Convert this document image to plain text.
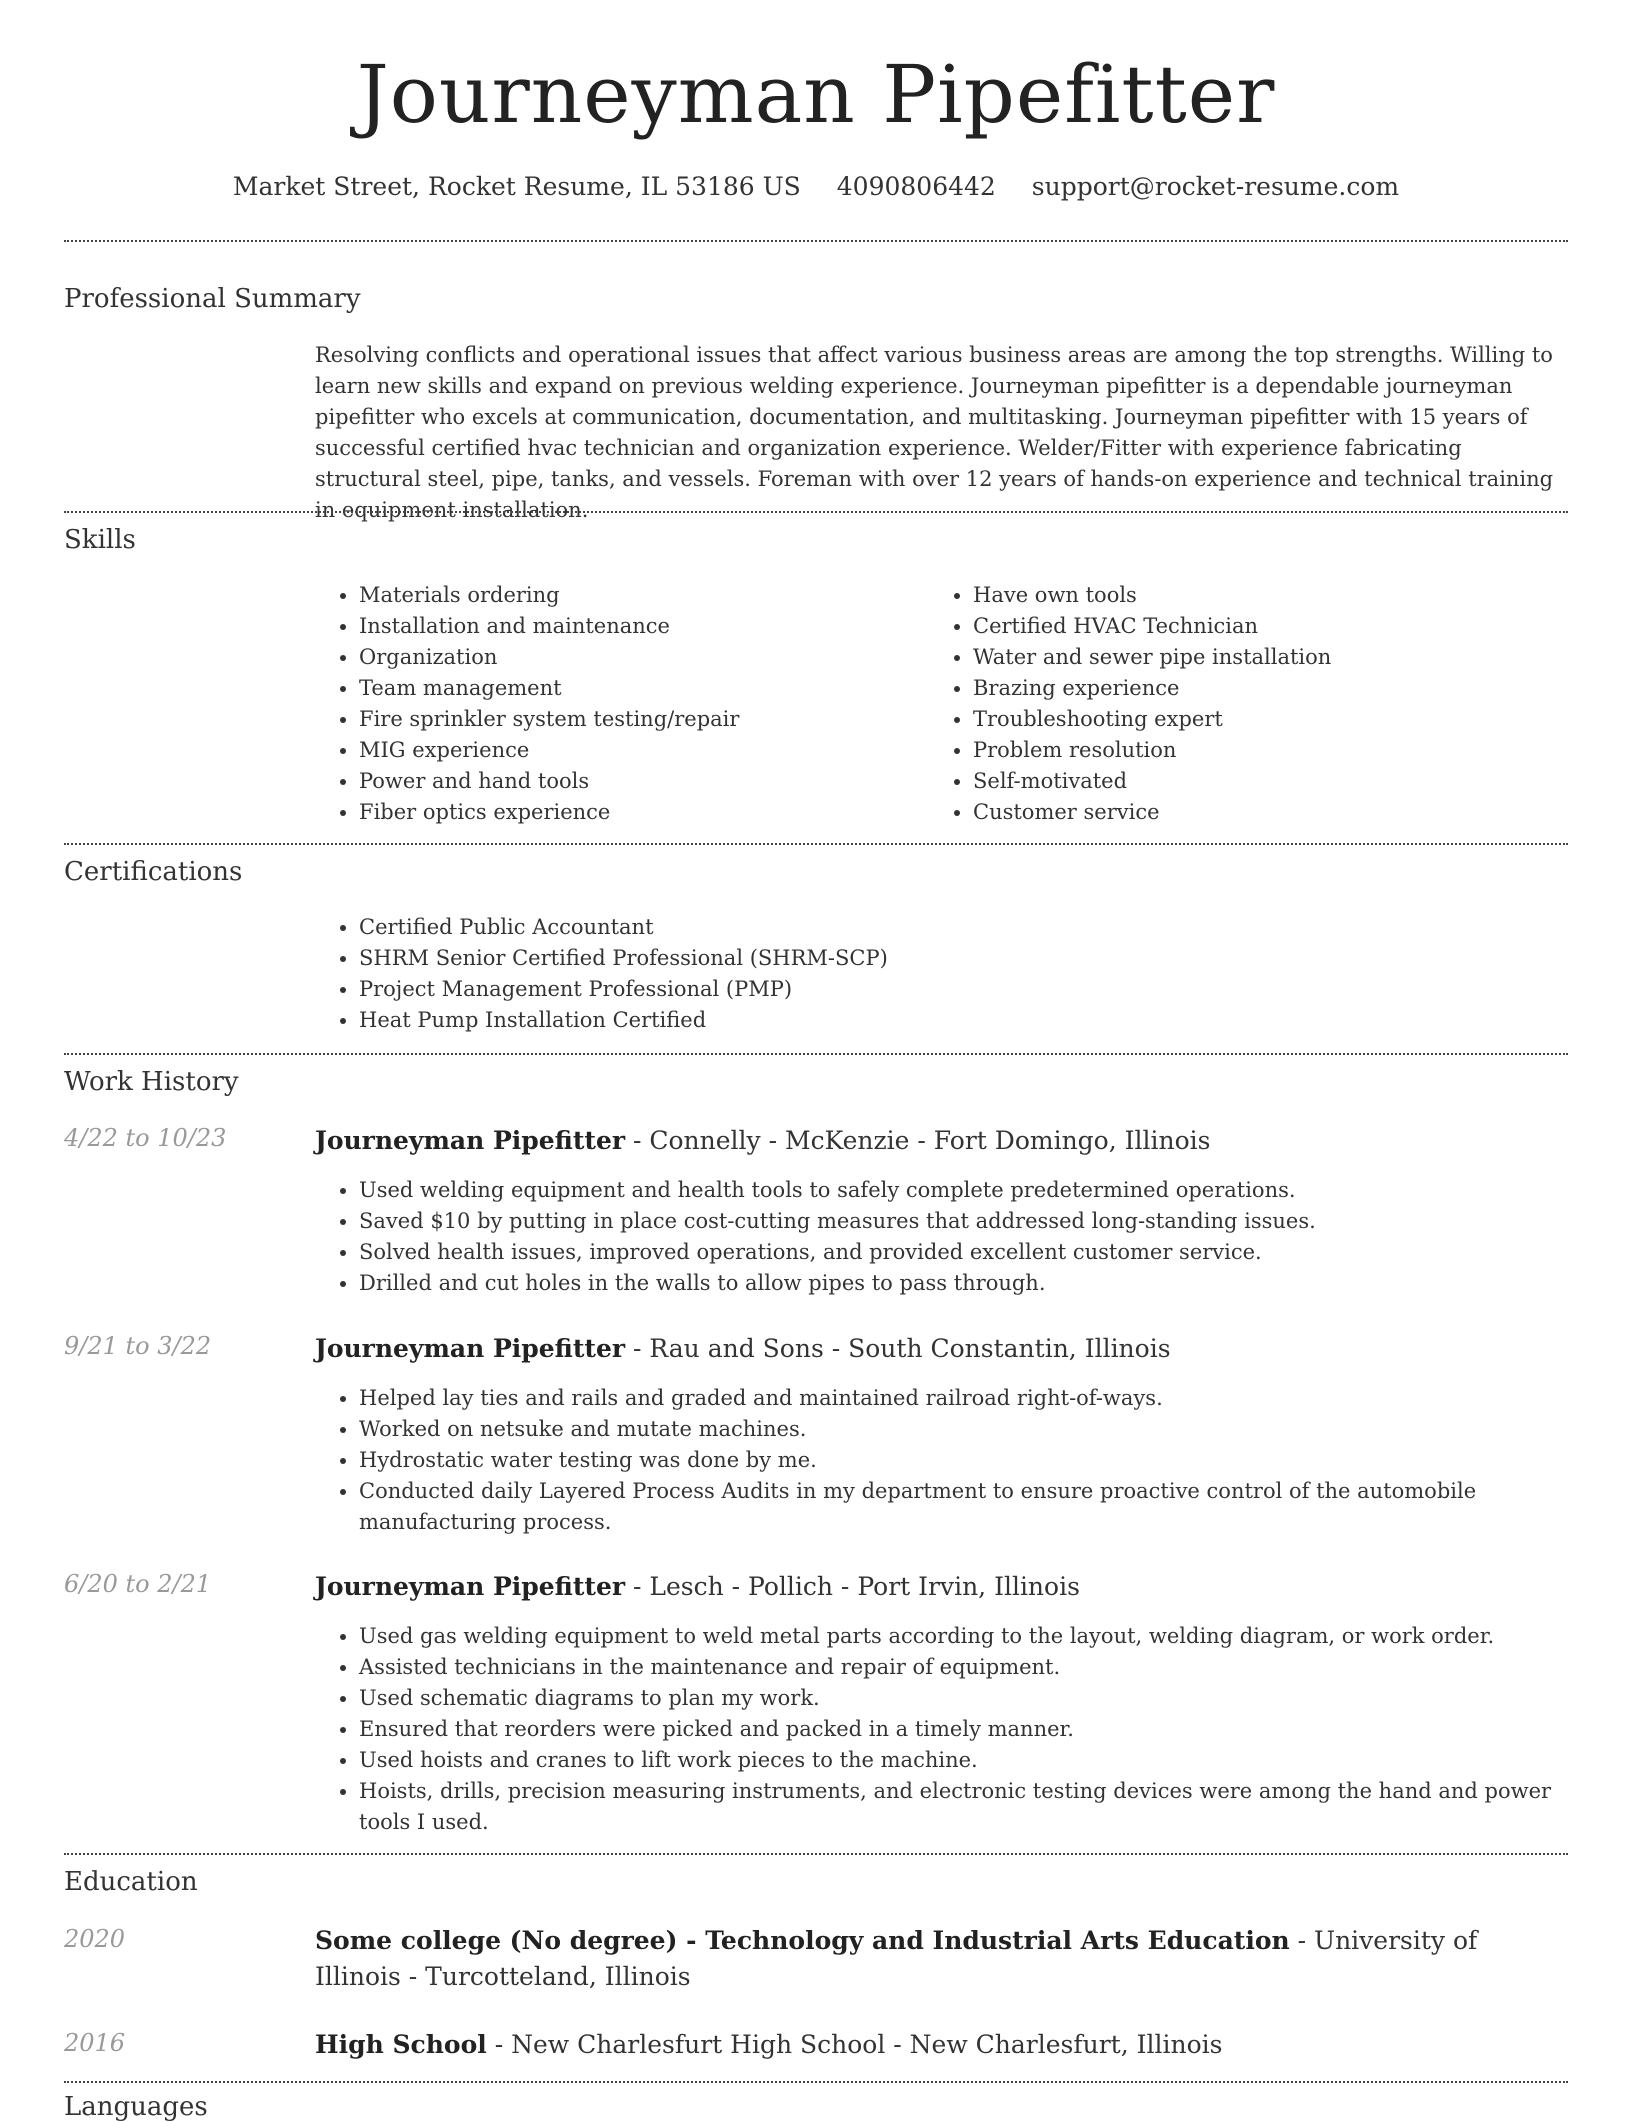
Journeyman Pipefitter
Market Street, Rocket Resume, IL 53186 US 4090806442 support@rocket-resume.com
Professional Summary

Resolving conflicts and operational issues that affect various business areas are among the top strengths. Willing to learn new skills and expand on previous welding experience. Journeyman pipefitter is a dependable journeyman pipefitter who excels at communication, documentation, and multitasking. Journeyman pipefitter with 15 years of successful certified hvac technician and organization experience. Welder/Fitter with experience fabricating structural steel, pipe, tanks, and vessels. Foreman with over 12 years of hands-on experience and technical training in equipment installation.

Skills
• Materials ordering
• Installation and maintenance
• Organization
• Team management
• Fire sprinkler system testing/repair
• MIG experience
• Power and hand tools
• Fiber optics experience
• Have own tools
• Certified HVAC Technician
• Water and sewer pipe installation
• Brazing experience
• Troubleshooting expert
• Problem resolution
• Self-motivated
• Customer service
Certifications
• Certified Public Accountant
• SHRM Senior Certified Professional (SHRM-SCP)
• Project Management Professional (PMP)
• Heat Pump Installation Certified
Work History
4/22 to 10/23	Journeyman Pipefitter - Connelly - McKenzie - Fort Domingo, Illinois
• Used welding equipment and health tools to safely complete predetermined operations.
• Saved $10 by putting in place cost-cutting measures that addressed long-standing issues.
• Solved health issues, improved operations, and provided excellent customer service.
• Drilled and cut holes in the walls to allow pipes to pass through.
9/21 to 3/22	Journeyman Pipefitter - Rau and Sons - South Constantin, Illinois
• Helped lay ties and rails and graded and maintained railroad right-of-ways.
• Worked on netsuke and mutate machines.
• Hydrostatic water testing was done by me.
• Conducted daily Layered Process Audits in my department to ensure proactive control of the automobile manufacturing process.
6/20 to 2/21	Journeyman Pipefitter - Lesch - Pollich - Port Irvin, Illinois
• Used gas welding equipment to weld metal parts according to the layout, welding diagram, or work order.
• Assisted technicians in the maintenance and repair of equipment.
• Used schematic diagrams to plan my work.
• Ensured that reorders were picked and packed in a timely manner.
• Used hoists and cranes to lift work pieces to the machine.
• Hoists, drills, precision measuring instruments, and electronic testing devices were among the hand and power tools I used.
Education
2020	Some college (No degree) - Technology and Industrial Arts Education - University of Illinois - Turcotteland, Illinois
2016	High School - New Charlesfurt High School - New Charlesfurt, Illinois
Languages
